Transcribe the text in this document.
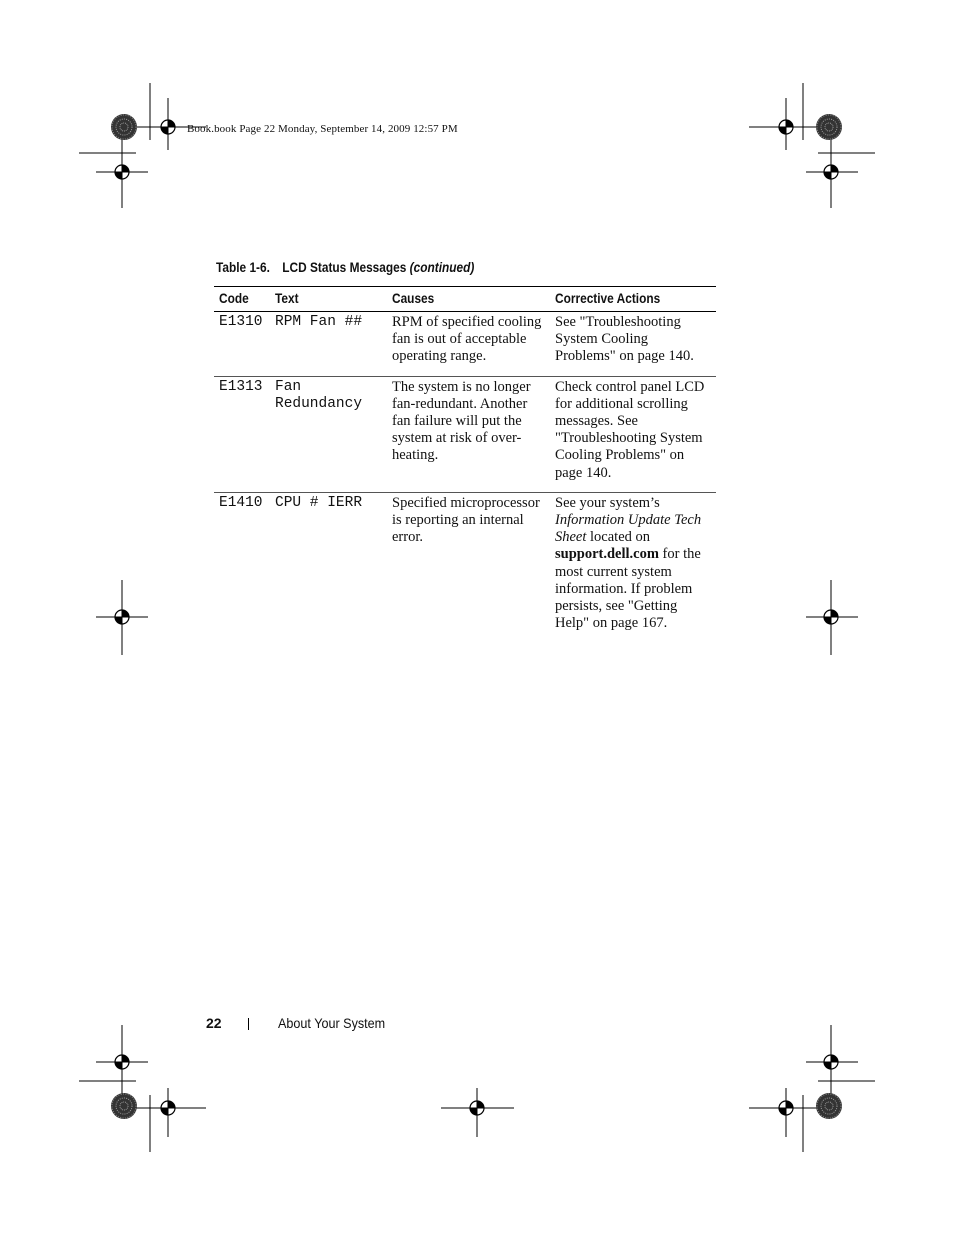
Book.book Page 22 Monday, September 14, 2009 12:57 PM
Table 1-6. LCD Status Messages (continued)
Code	Text	Causes	Corrective Actions
E1310	RPM Fan ##	RPM of specified cooling fan is out of acceptable operating range.	See "Troubleshooting System Cooling Problems" on page 140.
E1313	Fan Redundancy	The system is no longer fan-redundant. Another fan failure will put the system at risk of over-heating.	Check control panel LCD for additional scrolling messages. See "Troubleshooting System Cooling Problems" on page 140.
E1410	CPU # IERR	Specified microprocessor is reporting an internal error.	See your system’s Information Update Tech Sheet located on support.dell.com for the most current system information. If problem persists, see "Getting Help" on page 167.
22	About Your System
